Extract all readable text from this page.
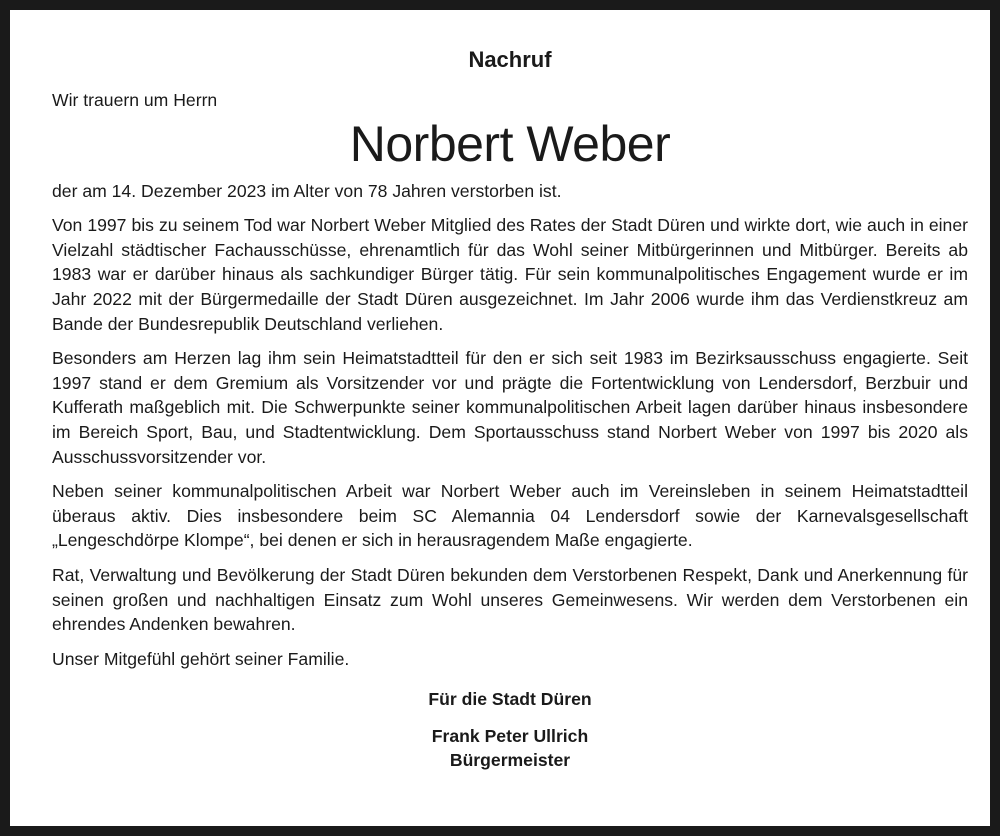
Nachruf
Wir trauern um Herrn
Norbert Weber
der am 14. Dezember 2023 im Alter von 78 Jahren verstorben ist.
Von 1997 bis zu seinem Tod war Norbert Weber Mitglied des Rates der Stadt Düren und wirkte dort, wie auch in einer Vielzahl städtischer Fachausschüsse, ehrenamtlich für das Wohl seiner Mitbürgerinnen und Mitbürger. Bereits ab 1983 war er darüber hinaus als sachkundiger Bürger tätig. Für sein kommunalpolitisches Engagement wurde er im Jahr 2022 mit der Bürgermedaille der Stadt Düren ausgezeichnet. Im Jahr 2006 wurde ihm das Verdienstkreuz am Bande der Bundesrepublik Deutschland verliehen.
Besonders am Herzen lag ihm sein Heimatstadtteil für den er sich seit 1983 im Bezirksausschuss engagierte. Seit 1997 stand er dem Gremium als Vorsitzender vor und prägte die Fortentwicklung von Lendersdorf, Berzbuir und Kufferath maßgeblich mit. Die Schwerpunkte seiner kommunalpolitischen Arbeit lagen darüber hinaus insbesondere im Bereich Sport, Bau, und Stadtentwicklung. Dem Sportausschuss stand Norbert Weber von 1997 bis 2020 als Ausschussvorsitzender vor.
Neben seiner kommunalpolitischen Arbeit war Norbert Weber auch im Vereinsleben in seinem Heimatstadtteil überaus aktiv. Dies insbesondere beim SC Alemannia 04 Lendersdorf sowie der Karnevalsgesellschaft „Lengeschdörpe Klompe“, bei denen er sich in herausragendem Maße engagierte.
Rat, Verwaltung und Bevölkerung der Stadt Düren bekunden dem Verstorbenen Respekt, Dank und Anerkennung für seinen großen und nachhaltigen Einsatz zum Wohl unseres Gemeinwesens. Wir werden dem Verstorbenen ein ehrendes Andenken bewahren.
Unser Mitgefühl gehört seiner Familie.
Für die Stadt Düren
Frank Peter Ullrich
Bürgermeister
